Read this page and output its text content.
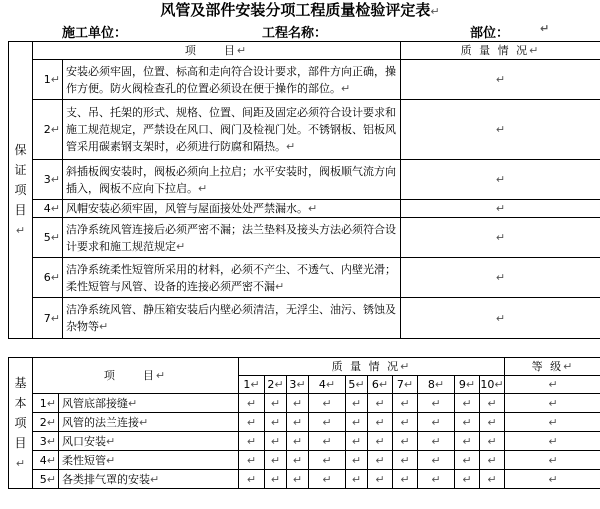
风管及部件安装分项工程质量检验评定表↵
施工单位：	工程名称：	部位：	↵
保
证
项
目
↵	项　　目↵		质 量 情 况↵
	1↵	安装必须牢固，位置、标高和走向符合设计要求，部件方向正确，操作方便。防火阀检查孔的位置必须设在便于操作的部位。↵	↵
	2↵	支、吊、托架的形式、规格、位置、间距及固定必须符合设计要求和施工规范规定，严禁设在风口、阀门及检视门处。不锈钢板、铝板风管采用碳素钢支架时，必须进行防腐和隔热。↵	↵
	3↵	斜插板阀安装时，阀板必须向上拉启；水平安装时，阀板顺气流方向插入，阀板不应向下拉启。↵	↵
	4↵	风帽安装必须牢固，风管与屋面接处处严禁漏水。↵	↵
	5↵	洁净系统风管连接后必须严密不漏；法兰垫料及接头方法必须符合设计要求和施工规范规定↵	↵
	6↵	洁净系统柔性短管所采用的材料，必须不产尘、不透气、内壁光滑；柔性短管与风管、设备的连接必须严密不漏↵	↵
	7↵	洁净系统风管、静压箱安装后内壁必须清洁，无浮尘、油污、锈蚀及杂物等↵	↵
基
本
项
目
↵	项　　目↵		质 量 情 况↵										等 级↵
			1↵	2↵	3↵	4↵	5↵	6↵	7↵	8↵	9↵	10↵	↵
	1↵	风管底部接缝↵	↵	↵	↵	↵	↵	↵	↵	↵	↵	↵	↵
	2↵	风管的法兰连接↵	↵	↵	↵	↵	↵	↵	↵	↵	↵	↵	↵
	3↵	风口安装↵	↵	↵	↵	↵	↵	↵	↵	↵	↵	↵	↵
	4↵	柔性短管↵	↵	↵	↵	↵	↵	↵	↵	↵	↵	↵	↵
	5↵	各类排气罩的安装↵	↵	↵	↵	↵	↵	↵	↵	↵	↵	↵	↵
